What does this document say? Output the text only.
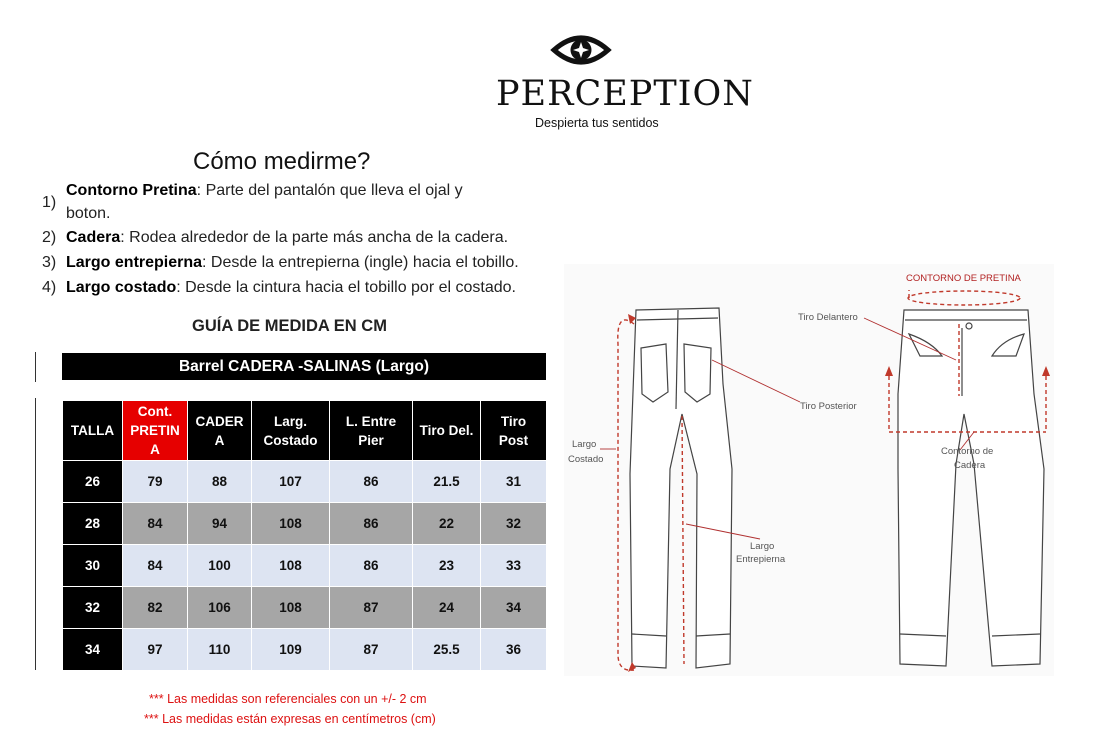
PERCEPTION
Despierta tus sentidos
Cómo medirme?
1)
Contorno Pretina: Parte del pantalón que lleva el ojal y
boton.
2) Cadera: Rodea alrededor de la parte más ancha de la cadera.
3) Largo entrepierna: Desde la entrepierna (ingle) hacia el tobillo.
4) Largo costado: Desde la cintura hacia el tobillo por el costado.
GUÍA DE MEDIDA EN CM
Barrel CADERA -SALINAS (Largo)
TALLA	Cont.
PRETIN
A	CADER
A	Larg.
Costado	L. Entre
Pier	Tiro Del.	Tiro
Post
26	79	88	107	86	21.5	31
28	84	94	108	86	22	32
30	84	100	108	86	23	33
32	82	106	108	87	24	34
34	97	110	109	87	25.5	36
*** Las medidas son referenciales con un +/- 2 cm
*** Las medidas están expresas en centímetros (cm)
CONTORNO DE PRETINA
Tiro Delantero
Tiro Posterior
Largo
Costado
Contorno de
Cadera
Largo
Entrepierna
